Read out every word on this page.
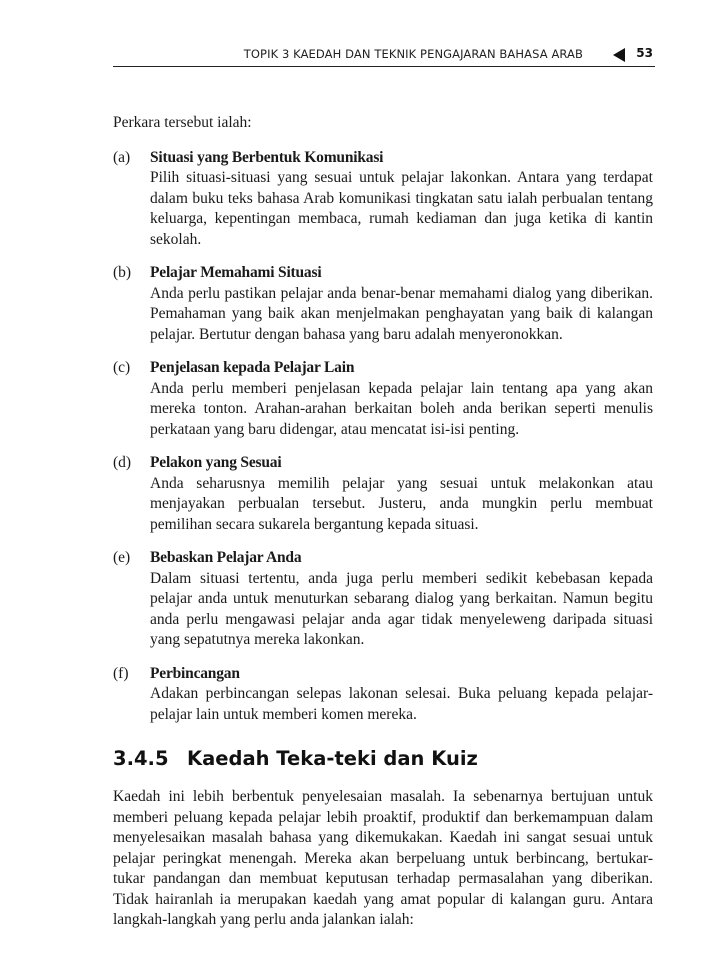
TOPIK 3 KAEDAH DAN TEKNIK PENGAJARAN BAHASA ARAB	53

Perkara tersebut ialah:

(a) Situasi yang Berbentuk Komunikasi
Pilih situasi-situasi yang sesuai untuk pelajar lakonkan. Antara yang terdapat dalam buku teks bahasa Arab komunikasi tingkatan satu ialah perbualan tentang keluarga, kepentingan membaca, rumah kediaman dan juga ketika di kantin sekolah.
(b) Pelajar Memahami Situasi
Anda perlu pastikan pelajar anda benar-benar memahami dialog yang diberikan. Pemahaman yang baik akan menjelmakan penghayatan yang baik di kalangan pelajar. Bertutur dengan bahasa yang baru adalah menyeronokkan.
(c) Penjelasan kepada Pelajar Lain
Anda perlu memberi penjelasan kepada pelajar lain tentang apa yang akan mereka tonton. Arahan-arahan berkaitan boleh anda berikan seperti menulis perkataan yang baru didengar, atau mencatat isi-isi penting.
(d) Pelakon yang Sesuai
Anda seharusnya memilih pelajar yang sesuai untuk melakonkan atau menjayakan perbualan tersebut. Justeru, anda mungkin perlu membuat pemilihan secara sukarela bergantung kepada situasi.
(e) Bebaskan Pelajar Anda
Dalam situasi tertentu, anda juga perlu memberi sedikit kebebasan kepada pelajar anda untuk menuturkan sebarang dialog yang berkaitan. Namun begitu anda perlu mengawasi pelajar anda agar tidak menyeleweng daripada situasi yang sepatutnya mereka lakonkan.
(f) Perbincangan
Adakan perbincangan selepas lakonan selesai. Buka peluang kepada pelajar-pelajar lain untuk memberi komen mereka.
3.4.5 Kaedah Teka-teki dan Kuiz

Kaedah ini lebih berbentuk penyelesaian masalah. Ia sebenarnya bertujuan untuk memberi peluang kepada pelajar lebih proaktif, produktif dan berkemampuan dalam menyelesaikan masalah bahasa yang dikemukakan. Kaedah ini sangat sesuai untuk pelajar peringkat menengah. Mereka akan berpeluang untuk berbincang, bertukar-tukar pandangan dan membuat keputusan terhadap permasalahan yang diberikan. Tidak hairanlah ia merupakan kaedah yang amat popular di kalangan guru. Antara langkah-langkah yang perlu anda jalankan ialah:
